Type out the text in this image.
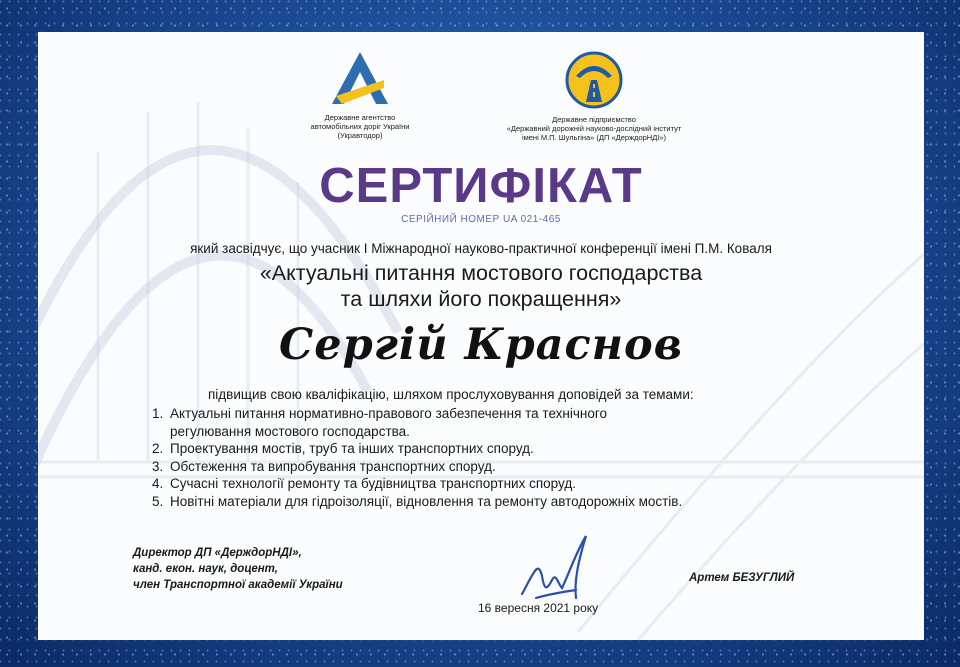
Державне агентство
автомобільних доріг України
(Укравтодор)
Державне підприємство
«Державний дорожній науково-дослідний інститут
імені М.П. Шульгіна» (ДП «ДерждорНДІ»)
СЕРТИФІКАТ
СЕРІЙНИЙ НОМЕР UA 021-465
який засвідчує, що учасник І Міжнародної науково-практичної конференції імені П.М. Коваля
«Актуальні питання мостового господарства
та шляхи його покращення»
Сергій Краснов
підвищив свою кваліфікацію, шляхом прослуховування доповідей за темами:
1. Актуальні питання нормативно-правового забезпечення та технічного
регулювання мостового господарства.
2. Проектування мостів, труб та інших транспортних споруд.
3. Обстеження та випробування транспортних споруд.
4. Сучасні технології ремонту та будівництва транспортних споруд.
5. Новітні матеріали для гідроізоляції, відновлення та ремонту автодорожніх мостів.
Директор ДП «ДерждорНДІ»,
канд. екон. наук, доцент,
член Транспортної академії України
Артем БЕЗУГЛИЙ
16 вересня 2021 року
